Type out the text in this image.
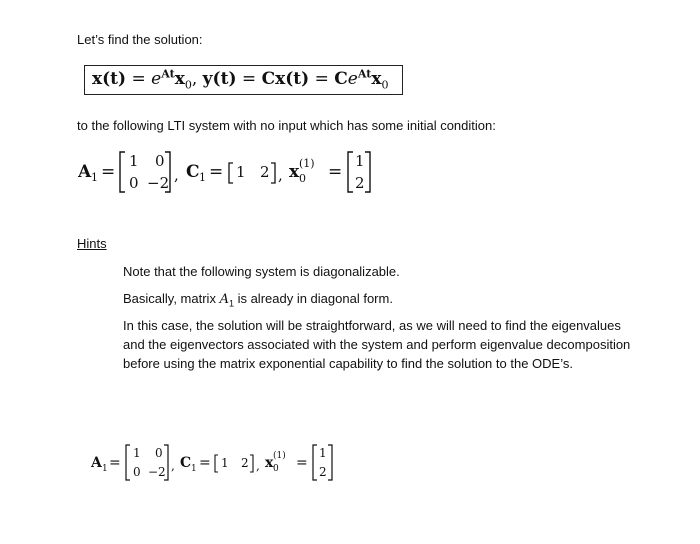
Let’s find the solution:
$x(t) = e^{At}x_0$, $y(t) = Cx(t) = Ce^{At}x_0$
to the following LTI system with no input which has some initial condition:
A 1 =
1 0
0 −2 , C 1 = 1 2 , x 0
(1) =
1
2
Hints
Note that the following system is diagonalizable.
Basically, matrix $A_1$ is already in diagonal form.
In this case, the solution will be straightforward, as we will need to find the eigenvalues
and the eigenvectors associated with the system and perform eigenvalue decomposition
before using the matrix exponential capability to find the solution to the ODE’s.
A 1 =
1 0
0 −2 , C 1 = 1 2 , x 0
(1) =
1
2
